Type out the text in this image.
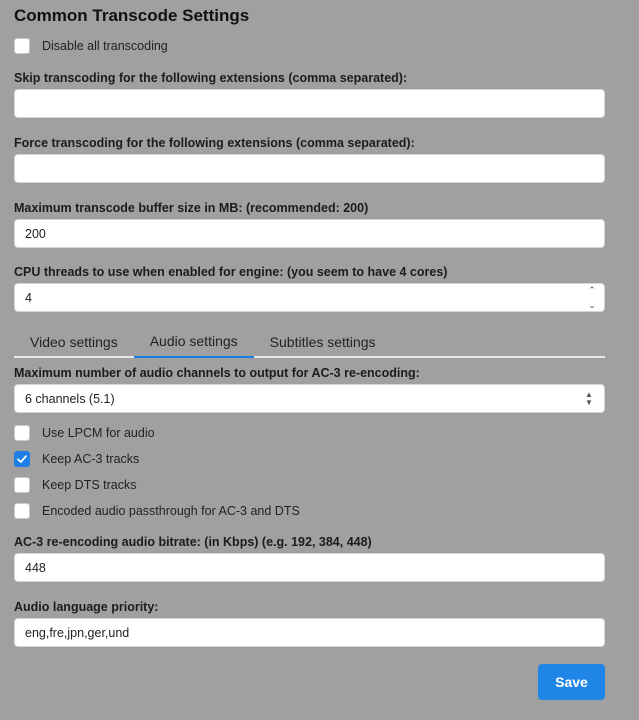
Common Transcode Settings
Disable all transcoding
Skip transcoding for the following extensions (comma separated):
Force transcoding for the following extensions (comma separated):
Maximum transcode buffer size in MB: (recommended: 200)
200
CPU threads to use when enabled for engine: (you seem to have 4 cores)
4
⌃
⌄
Video settings	Audio settings	Subtitles settings
Maximum number of audio channels to output for AC-3 re-encoding:
6 channels (5.1)	▲
▼
Use LPCM for audio
Keep AC-3 tracks
Keep DTS tracks
Encoded audio passthrough for AC-3 and DTS
AC-3 re-encoding audio bitrate: (in Kbps) (e.g. 192, 384, 448)
448
Audio language priority:
eng,fre,jpn,ger,und
Save
